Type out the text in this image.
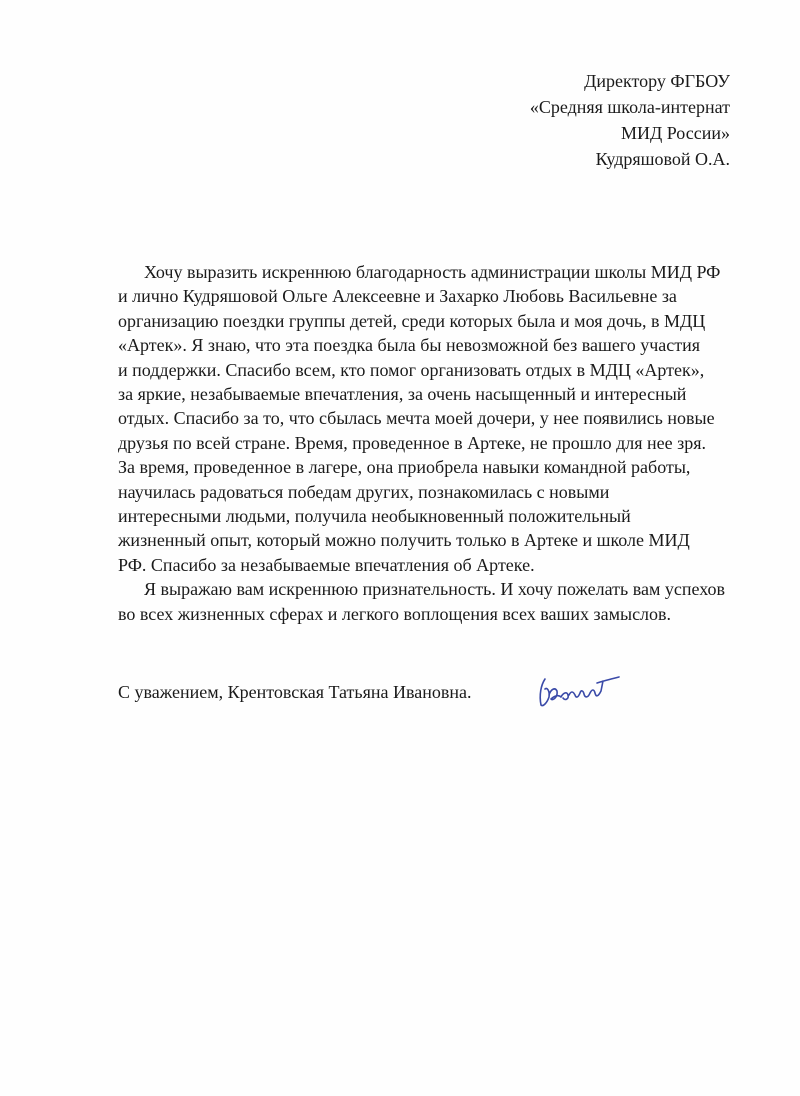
Директору ФГБОУ
«Средняя школа-интернат
МИД России»
Кудряшовой О.А.
Хочу выразить искреннюю благодарность администрации школы МИД РФ
и лично Кудряшовой Ольге Алексеевне и Захарко Любовь Васильевне за
организацию поездки группы детей, среди которых была и моя дочь, в МДЦ
«Артек». Я знаю, что эта поездка была бы невозможной без вашего участия
и поддержки. Спасибо всем, кто помог организовать отдых в МДЦ «Артек»,
за яркие, незабываемые впечатления, за очень насыщенный и интересный
отдых. Спасибо за то, что сбылась мечта моей дочери, у нее появились новые
друзья по всей стране. Время, проведенное в Артеке, не прошло для нее зря.
За время, проведенное в лагере, она приобрела навыки командной работы,
научилась радоваться победам других, познакомилась с новыми
интересными людьми, получила необыкновенный положительный
жизненный опыт, который можно получить только в Артеке и школе МИД
РФ. Спасибо за незабываемые впечатления об Артеке.
Я выражаю вам искреннюю признательность. И хочу пожелать вам успехов
во всех жизненных сферах и легкого воплощения всех ваших замыслов.
С уважением, Крентовская Татьяна Ивановна.
